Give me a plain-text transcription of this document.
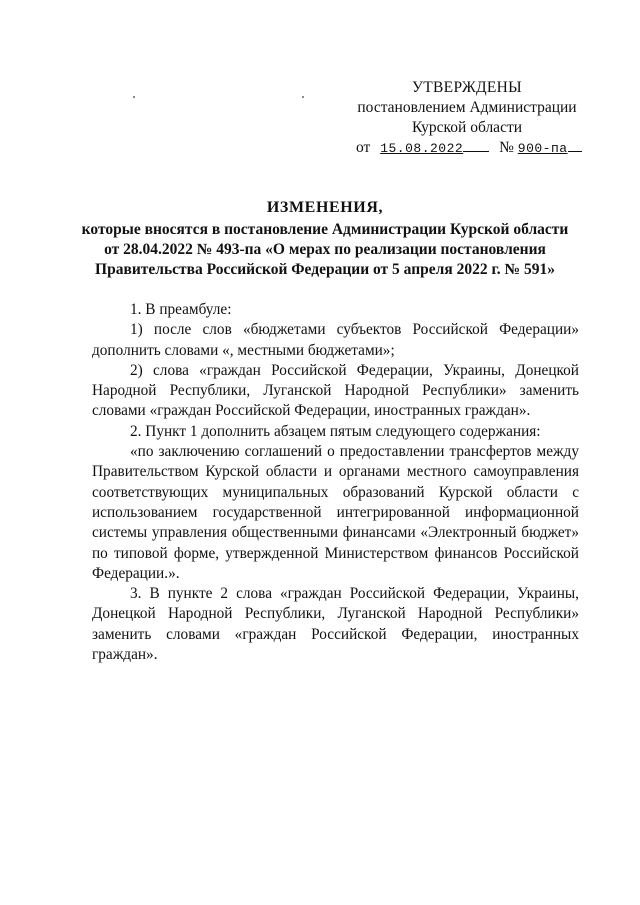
УТВЕРЖДЕНЫ
постановлением Администрации
Курской области
от 15.08.2022 № 900-па
ИЗМЕНЕНИЯ,
которые вносятся в постановление Администрации Курской области
от 28.04.2022 № 493-па «О мерах по реализации постановления
Правительства Российской Федерации от 5 апреля 2022 г. № 591»

1. В преамбуле:

1) после слов «бюджетами субъектов Российской Федерации» дополнить словами «, местными бюджетами»;

2) слова «граждан Российской Федерации, Украины, Донецкой Народной Республики, Луганской Народной Республики» заменить словами «граждан Российской Федерации, иностранных граждан».

2. Пункт 1 дополнить абзацем пятым следующего содержания:

«по заключению соглашений о предоставлении трансфертов между Правительством Курской области и органами местного самоуправления соответствующих муниципальных образований Курской области с использованием государственной интегрированной информационной системы управления общественными финансами «Электронный бюджет» по типовой форме, утвержденной Министерством финансов Российской Федерации.».

3. В пункте 2 слова «граждан Российской Федерации, Украины, Донецкой Народной Республики, Луганской Народной Республики» заменить словами «граждан Российской Федерации, иностранных граждан».
